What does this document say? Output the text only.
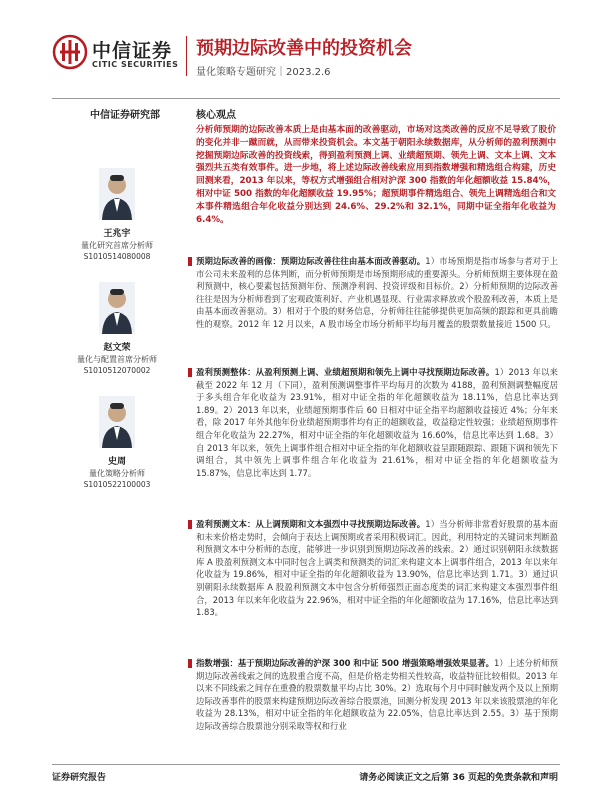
中信证券
CITIC SECURITIES
预期边际改善中的投资机会
量化策略专题研究｜2023.2.6
中信证券研究部
王兆宇
量化研究首席分析师
S1010514080008
赵文荣
量化与配置首席分析师
S1010512070002
史周
量化策略分析师
S1010522100003
核心观点
分析师预期的边际改善本质上是由基本面的改善驱动，市场对这类改善的反应不足导致了股价的变化并非一蹴而就，从而带来投资机会。本文基于朝阳永续数据库，从分析师的盈利预测中挖掘预期边际改善的投资线索，得到盈利预测上调、业绩超预期、领先上调、文本上调、文本强烈共五类有效事件。进一步地，将上述边际改善线索应用到指数增强和精选组合构建，历史回测来看，2013 年以来，等权方式增强组合相对沪深 300 指数的年化超额收益 15.84%，相对中证 500 指数的年化超额收益 19.95%；超预期事件精选组合、领先上调精选组合和文本事件精选组合年化收益分别达到 24.6%、29.2%和 32.1%，同期中证全指年化收益为 6.4%。
预期边际改善的画像：预期边际改善往往由基本面改善驱动。1）市场预期是指市场参与者对于上市公司未来盈利的总体判断，而分析师预期是市场预期形成的重要源头。分析师预期主要体现在盈利预测中，核心要素包括预测年份、预测净利润、投资评级和目标价。2）分析师预期的边际改善往往是因为分析师看到了宏观政策利好、产业机遇显现、行业需求释放或个股盈利改善，本质上是由基本面改善驱动。3）相对于个股的财务信息，分析师往往能够提供更加高频的跟踪和更具前瞻性的观察。2012 年 12 月以来，A 股市场全市场分析师平均每月覆盖的股票数量接近 1500 只。
盈利预测整体：从盈利预测上调、业绩超预期和领先上调中寻找预期边际改善。1）2013 年以来截至 2022 年 12 月（下同），盈利预测调整事件平均每月的次数为 4188，盈利预测调整幅度居于多头组合年化收益为 23.91%，相对中证全指的年化超额收益为 18.11%，信息比率达到 1.89。2）2013 年以来，业绩超预期事件后 60 日相对中证全指平均超额收益接近 4%；分年来看，除 2017 年外其他年份业绩超预期事件均有正的超额收益，收益稳定性较强；业绩超预期事件组合年化收益为 22.27%，相对中证全指的年化超额收益为 16.60%，信息比率达到 1.68。3）自 2013 年以来，领先上调事件组合相对中证全指的年化超额收益呈跟随跟踪、跟随下调和领先下调组合，其中领先上调事件组合年化收益为 21.61%，相对中证全指的年化超额收益为 15.87%，信息比率达到 1.77。
盈利预测文本：从上调预期和文本强烈中寻找预期边际改善。1）当分析师非常看好股票的基本面和未来价格走势时，会倾向于表达上调预期或者采用积极词汇。因此，利用特定的关键词来判断盈利预测文本中分析师的态度，能够进一步识别到预期边际改善的线索。2）通过识别朝阳永续数据库 A 股盈利预测文本中同时包含上调类和预测类的词汇来构建文本上调事件组合，2013 年以来年化收益为 19.86%，相对中证全指的年化超额收益为 13.90%，信息比率达到 1.71。3）通过识别朝阳永续数据库 A 股盈利预测文本中包含分析师强烈正面态度类的词汇来构建文本强烈事件组合，2013 年以来年化收益为 22.96%，相对中证全指的年化超额收益为 17.16%，信息比率达到 1.83。
指数增强：基于预期边际改善的沪深 300 和中证 500 增强策略增强效果显著。1）上述分析师预期边际改善线索之间的选股重合度不高，但是价格走势相关性较高，收益特征比较相似。2013 年以来不同线索之间存在重叠的股票数量平均占比 30%。2）选取每个月中同时触发两个及以上预期边际改善事件的股票来构建预期边际改善综合股票池，回测分析发现 2013 年以来该股票池的年化收益为 28.13%，相对中证全指的年化超额收益为 22.05%，信息比率达到 2.55。3）基于预期边际改善综合股票池分别采取等权和行业
证券研究报告	请务必阅读正文之后第 36 页起的免责条款和声明
